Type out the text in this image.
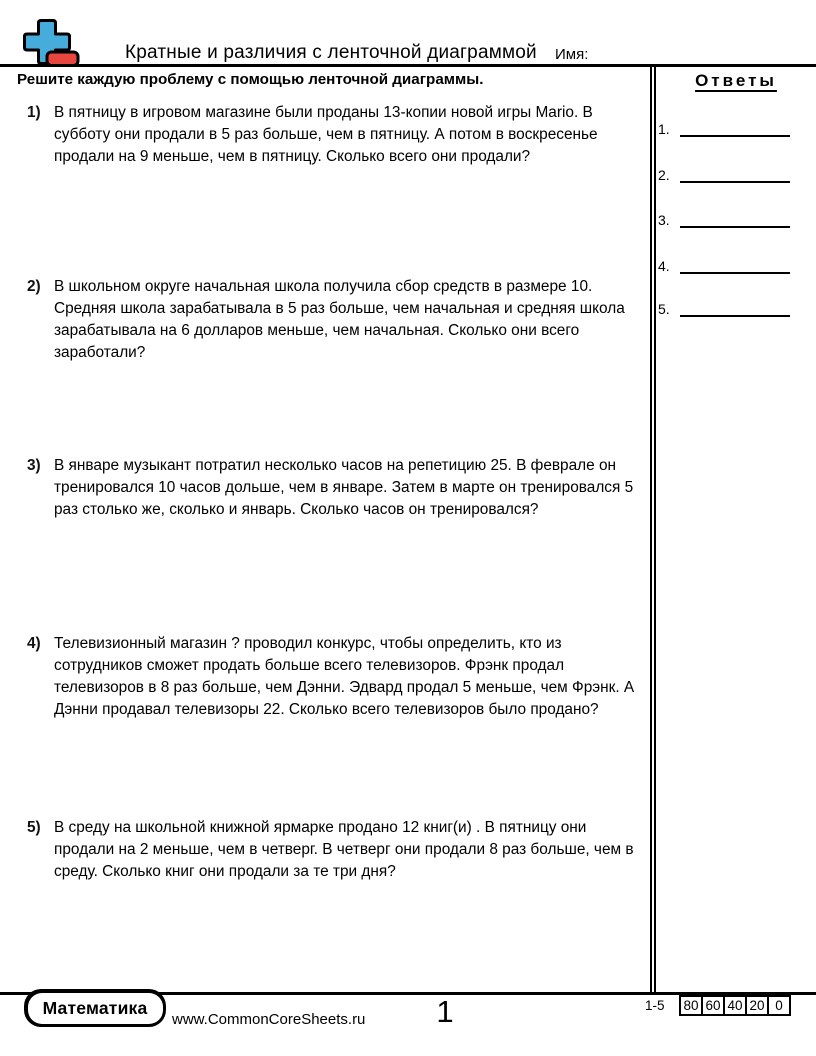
Кратные и различия с ленточной диаграммой Имя:
Решите каждую проблему с помощью ленточной диаграммы.
1) В пятницу в игровом магазине были проданы 13-копии новой игры Mario. В субботу они продали в 5 раз больше, чем в пятницу. А потом в воскресенье продали на 9 меньше, чем в пятницу. Сколько всего они продали?
2) В школьном округе начальная школа получила сбор средств в размере 10. Средняя школа зарабатывала в 5 раз больше, чем начальная и средняя школа зарабатывала на 6 долларов меньше, чем начальная. Сколько они всего заработали?
3) В январе музыкант потратил несколько часов на репетицию 25. В феврале он тренировался 10 часов дольше, чем в январе. Затем в марте он тренировался 5 раз столько же, сколько и январь. Сколько часов он тренировался?
4) Телевизионный магазин ? проводил конкурс, чтобы определить, кто из сотрудников сможет продать больше всего телевизоров. Фрэнк продал телевизоров в 8 раз больше, чем Дэнни. Эдвард продал 5 меньше, чем Фрэнк. А Дэнни продавал телевизоры 22. Сколько всего телевизоров было продано?
5) В среду на школьной книжной ярмарке продано 12 книг(и) . В пятницу они продали на 2 меньше, чем в четверг. В четверг они продали 8 раз больше, чем в среду. Сколько книг они продали за те три дня?
Ответы
1.
2.
3.
4.
5.
Математика
www.CommonCoreSheets.ru	1	1-5	80 60 40 20 0
